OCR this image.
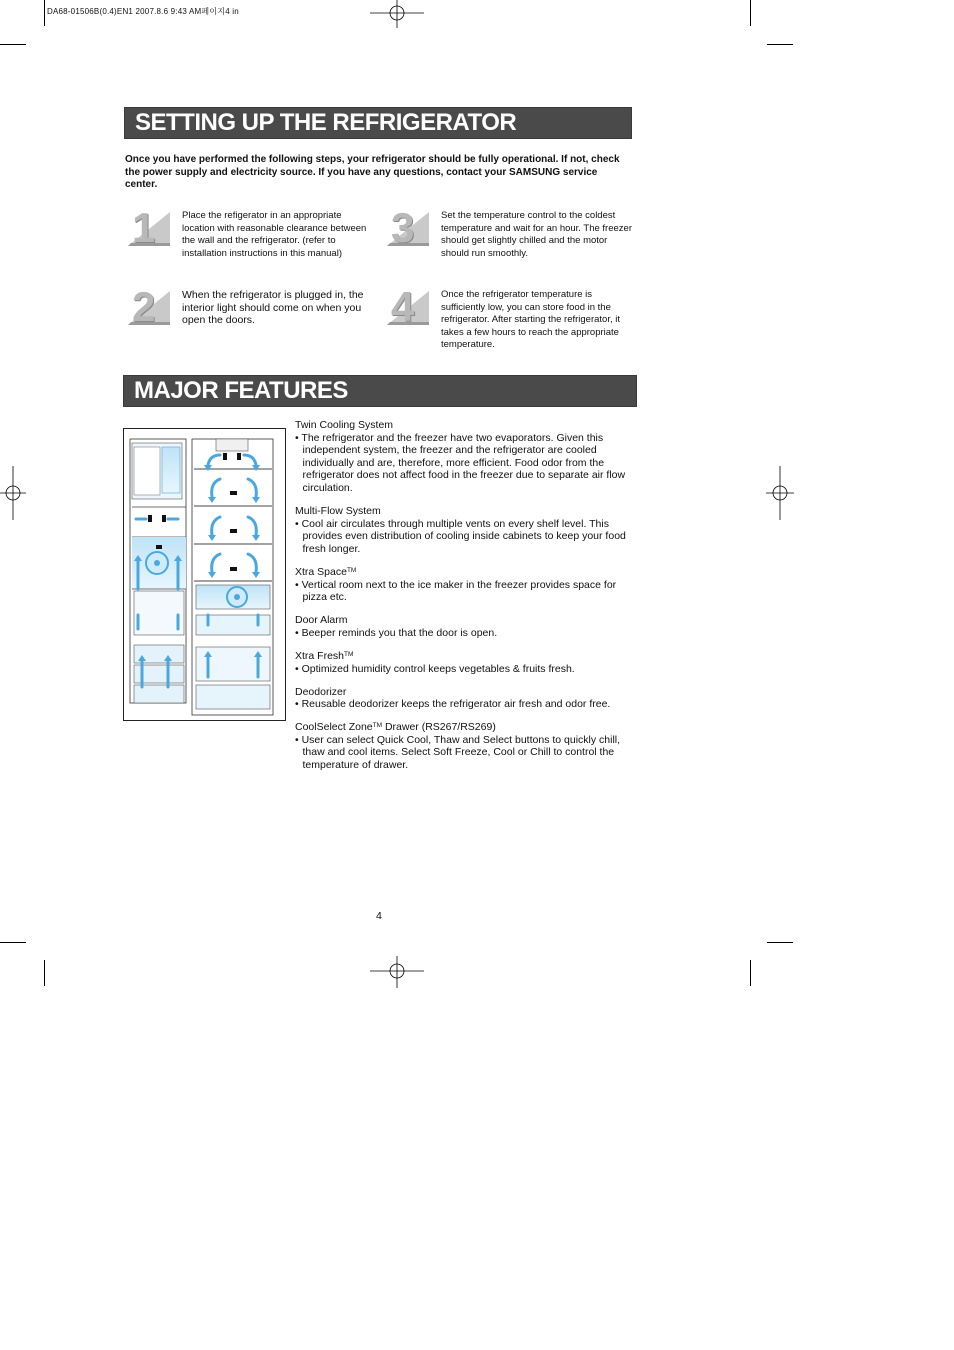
DA68-01506B(0.4)EN1 2007.8.6 9:43 AM페이지4 in
SETTING UP THE REFRIGERATOR
Once you have performed the following steps, your refrigerator should be fully operational. If not, check the power supply and electricity source. If you have any questions, contact your SAMSUNG service center.
1	Place the refigerator in an appropriate location with reasonable clearance between the wall and the refrigerator. (refer to installation instructions in this manual)
2	When the refrigerator is plugged in, the interior light should come on when you open the doors.
3	Set the temperature control to the coldest temperature and wait for an hour. The freezer should get slightly chilled and the motor should run smoothly.
4	Once the refrigerator temperature is sufficiently low, you can store food in the refrigerator. After starting the refrigerator, it takes a few hours to reach the appropriate temperature.
MAJOR FEATURES
Twin Cooling System
• The refrigerator and the freezer have two evaporators. Given this independent system, the freezer and the refrigerator are cooled individually and are, therefore, more efficient. Food odor from the refrigerator does not affect food in the freezer due to separate air flow circulation.
Multi-Flow System
• Cool air circulates through multiple vents on every shelf level. This provides even distribution of cooling inside cabinets to keep your food fresh longer.
Xtra Space™
• Vertical room next to the ice maker in the freezer provides space for pizza etc.
Door Alarm
• Beeper reminds you that the door is open.
Xtra Fresh™
• Optimized humidity control keeps vegetables & fruits fresh.
Deodorizer
• Reusable deodorizer keeps the refrigerator air fresh and odor free.
CoolSelect Zone™ Drawer (RS267/RS269)
• User can select Quick Cool, Thaw and Select buttons to quickly chill, thaw and cool items. Select Soft Freeze, Cool or Chill to control the temperature of drawer.
4
